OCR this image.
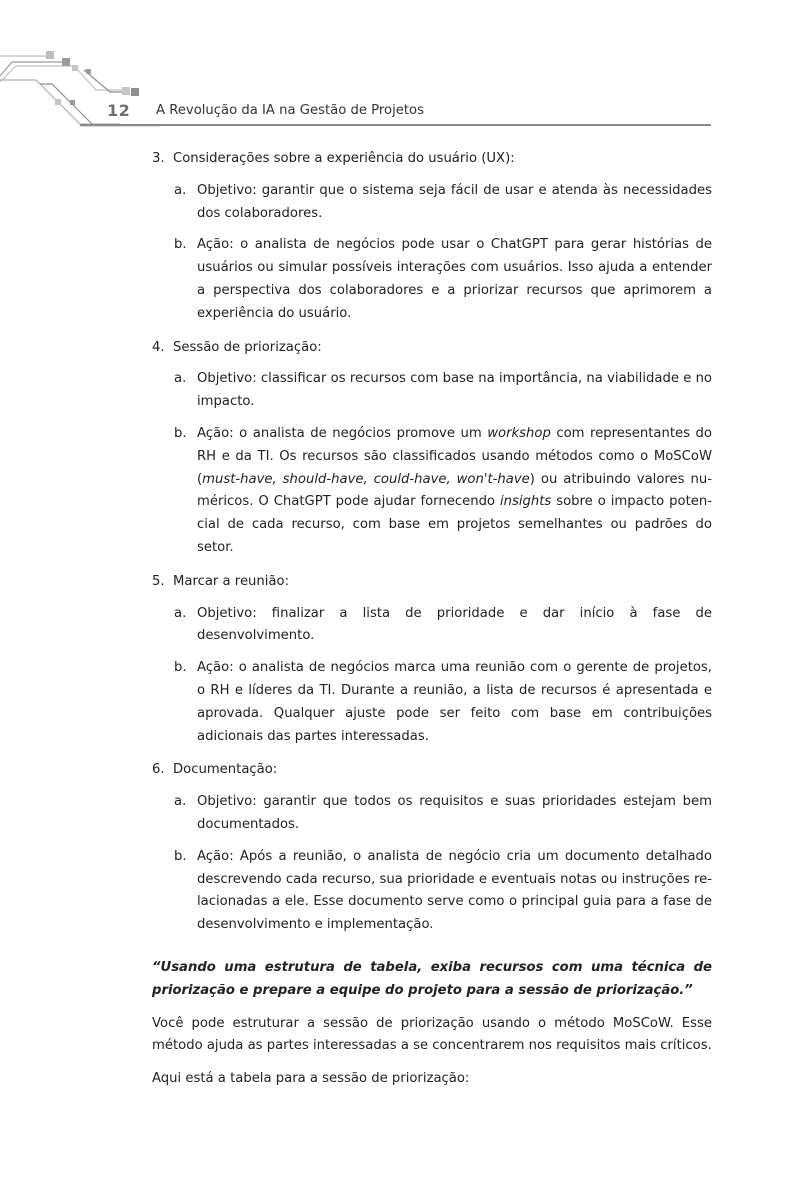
12 A Revolução da IA na Gestão de Projetos
3. Considerações sobre a experiência do usuário (UX):
a. Objetivo: garantir que o sistema seja fácil de usar e atenda às necessidades dos colaboradores.
b. Ação: o analista de negócios pode usar o ChatGPT para gerar histórias de usuários ou simular possíveis interações com usuários. Isso ajuda a entender a perspectiva dos colaboradores e a priorizar recursos que aprimorem a experiência do usuário.
4. Sessão de priorização:
a. Objetivo: classificar os recursos com base na importância, na viabilidade e no impacto.
b. Ação: o analista de negócios promove um workshop com representantes do RH e da TI. Os recursos são classificados usando métodos como o MoSCoW (must-have, should-have, could-have, won't-have) ou atribuindo valores numéricos. O ChatGPT pode ajudar fornecendo insights sobre o impacto potencial de cada recurso, com base em projetos semelhantes ou padrões do setor.
5. Marcar a reunião:
a. Objetivo: finalizar a lista de prioridade e dar início à fase de desenvolvimento.
b. Ação: o analista de negócios marca uma reunião com o gerente de projetos, o RH e líderes da TI. Durante a reunião, a lista de recursos é apresentada e aprovada. Qualquer ajuste pode ser feito com base em contribuições adicionais das partes interessadas.
6. Documentação:
a. Objetivo: garantir que todos os requisitos e suas prioridades estejam bem documentados.
b. Ação: Após a reunião, o analista de negócio cria um documento detalhado descrevendo cada recurso, sua prioridade e eventuais notas ou instruções relacionadas a ele. Esse documento serve como o principal guia para a fase de desenvolvimento e implementação.
“Usando uma estrutura de tabela, exiba recursos com uma técnica de priorização e prepare a equipe do projeto para a sessão de priorização.”
Você pode estruturar a sessão de priorização usando o método MoSCoW. Esse método ajuda as partes interessadas a se concentrarem nos requisitos mais críticos.
Aqui está a tabela para a sessão de priorização:
